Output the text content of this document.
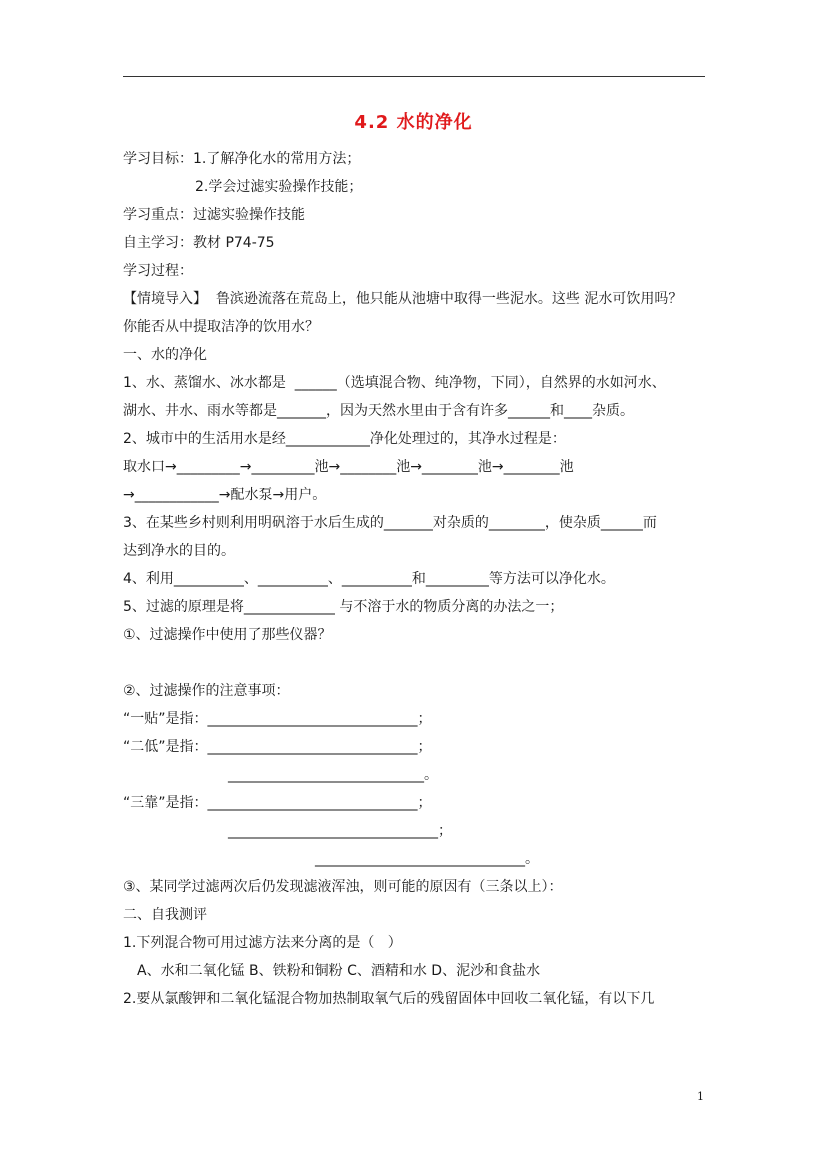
4.2 水的净化
学习目标：1.了解净化水的常用方法；
2.学会过滤实验操作技能；
学习重点：过滤实验操作技能
自主学习：教材 P74-75
学习过程：
【情境导入】  鲁滨逊流落在荒岛上，他只能从池塘中取得一些泥水。这些 泥水可饮用吗？
你能否从中提取洁净的饮用水？
一、水的净化
1、水、蒸馏水、冰水都是  ______（选填混合物、纯净物，下同），自然界的水如河水、
湖水、井水、雨水等都是_______，因为天然水里由于含有许多______和____杂质。
2、城市中的生活用水是经____________净化处理过的，其净水过程是：
取水口→_________→_________池→________池→________池→________池
→____________→配水泵→用户。
3、在某些乡村则利用明矾溶于水后生成的_______对杂质的________，使杂质______而
达到净水的目的。
4、利用__________、__________、__________和_________等方法可以净化水。
5、过滤的原理是将_____________ 与不溶于水的物质分离的办法之一；
①、过滤操作中使用了那些仪器？
②、过滤操作的注意事项：
“一贴”是指：______________________________；
“二低”是指：______________________________；
____________________________。
“三靠”是指：______________________________；
______________________________；
______________________________。
③、某同学过滤两次后仍发现滤液浑浊，则可能的原因有（三条以上）：
二、自我测评
1.下列混合物可用过滤方法来分离的是（   ）
A、水和二氧化锰 B、铁粉和铜粉 C、酒精和水 D、泥沙和食盐水
2.要从氯酸钾和二氧化锰混合物加热制取氧气后的残留固体中回收二氧化锰，有以下几
1
